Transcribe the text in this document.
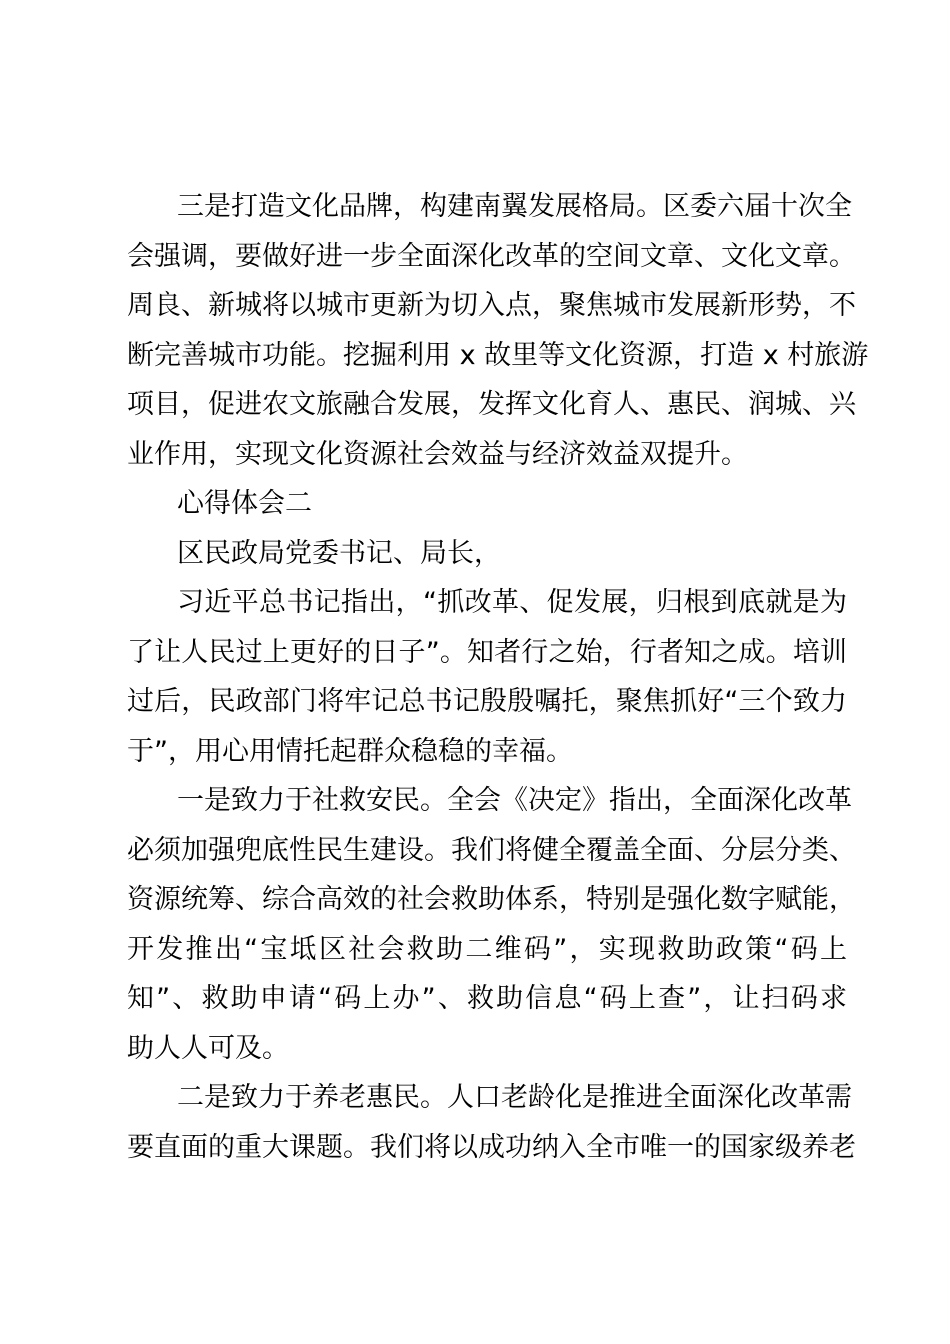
三是打造文化品牌，构建南翼发展格局。区委六届十次全
会强调，要做好进一步全面深化改革的空间文章、文化文章。
周良、新城将以城市更新为切入点，聚焦城市发展新形势，不
断完善城市功能。挖掘利用 x 故里等文化资源，打造 x 村旅游
项目，促进农文旅融合发展，发挥文化育人、惠民、润城、兴
业作用，实现文化资源社会效益与经济效益双提升。
心得体会二
区民政局党委书记、局长，
习近平总书记指出，“抓改革、促发展，归根到底就是为
了让人民过上更好的日子”。知者行之始，行者知之成。培训
过后，民政部门将牢记总书记殷殷嘱托，聚焦抓好“三个致力
于”，用心用情托起群众稳稳的幸福。
一是致力于社救安民。全会《决定》指出，全面深化改革
必须加强兜底性民生建设。我们将健全覆盖全面、分层分类、
资源统筹、综合高效的社会救助体系，特别是强化数字赋能，
开发推出“宝坻区社会救助二维码”，实现救助政策“码上
知”、救助申请“码上办”、救助信息“码上查”，让扫码求
助人人可及。
二是致力于养老惠民。人口老龄化是推进全面深化改革需
要直面的重大课题。我们将以成功纳入全市唯一的国家级养老
